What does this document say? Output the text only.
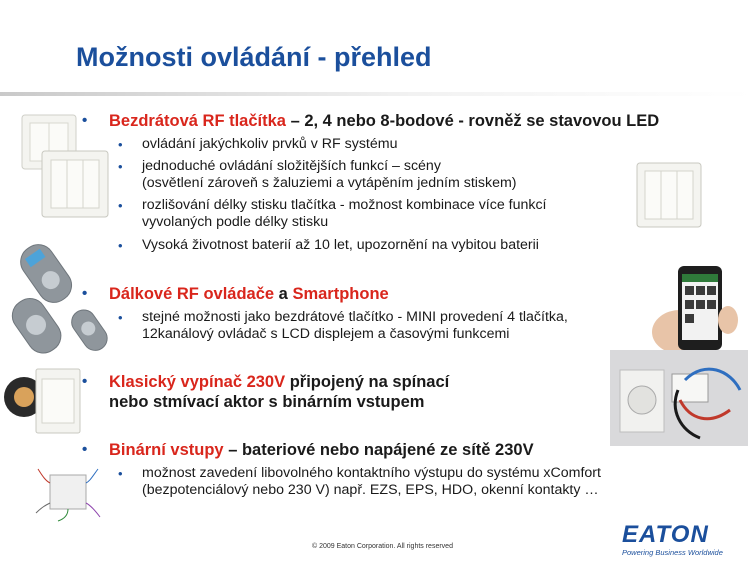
Možnosti ovládání - přehled
• Bezdrátová RF tlačítka – 2, 4 nebo 8-bodové - rovněž se stavovou LED
• ovládání jakýchkoliv prvků v RF systému
• jednoduché ovládání složitějších funkcí – scény
(osvětlení zároveň s žaluziemi a vytápěním jedním stiskem)
• rozlišování délky stisku tlačítka - možnost kombinace více funkcí
vyvolaných podle délky stisku
• Vysoká životnost baterií až 10 let, upozornění na vybitou baterii
• Dálkové RF ovládače a Smartphone
• stejné možnosti jako bezdrátové tlačítko - MINI provedení 4 tlačítka,
12kanálový ovládač s LCD displejem a časovými funkcemi
• Klasický vypínač 230V připojený na spínací
nebo stmívací aktor s binárním vstupem
• Binární vstupy – bateriové nebo napájené ze sítě 230V
• možnost zavedení libovolného kontaktního výstupu do systému xComfort
(bezpotenciálový nebo 230 V) např. EZS, EPS, HDO, okenní kontakty …
© 2009 Eaton Corporation. All rights reserved	EATON
Powering Business Worldwide
